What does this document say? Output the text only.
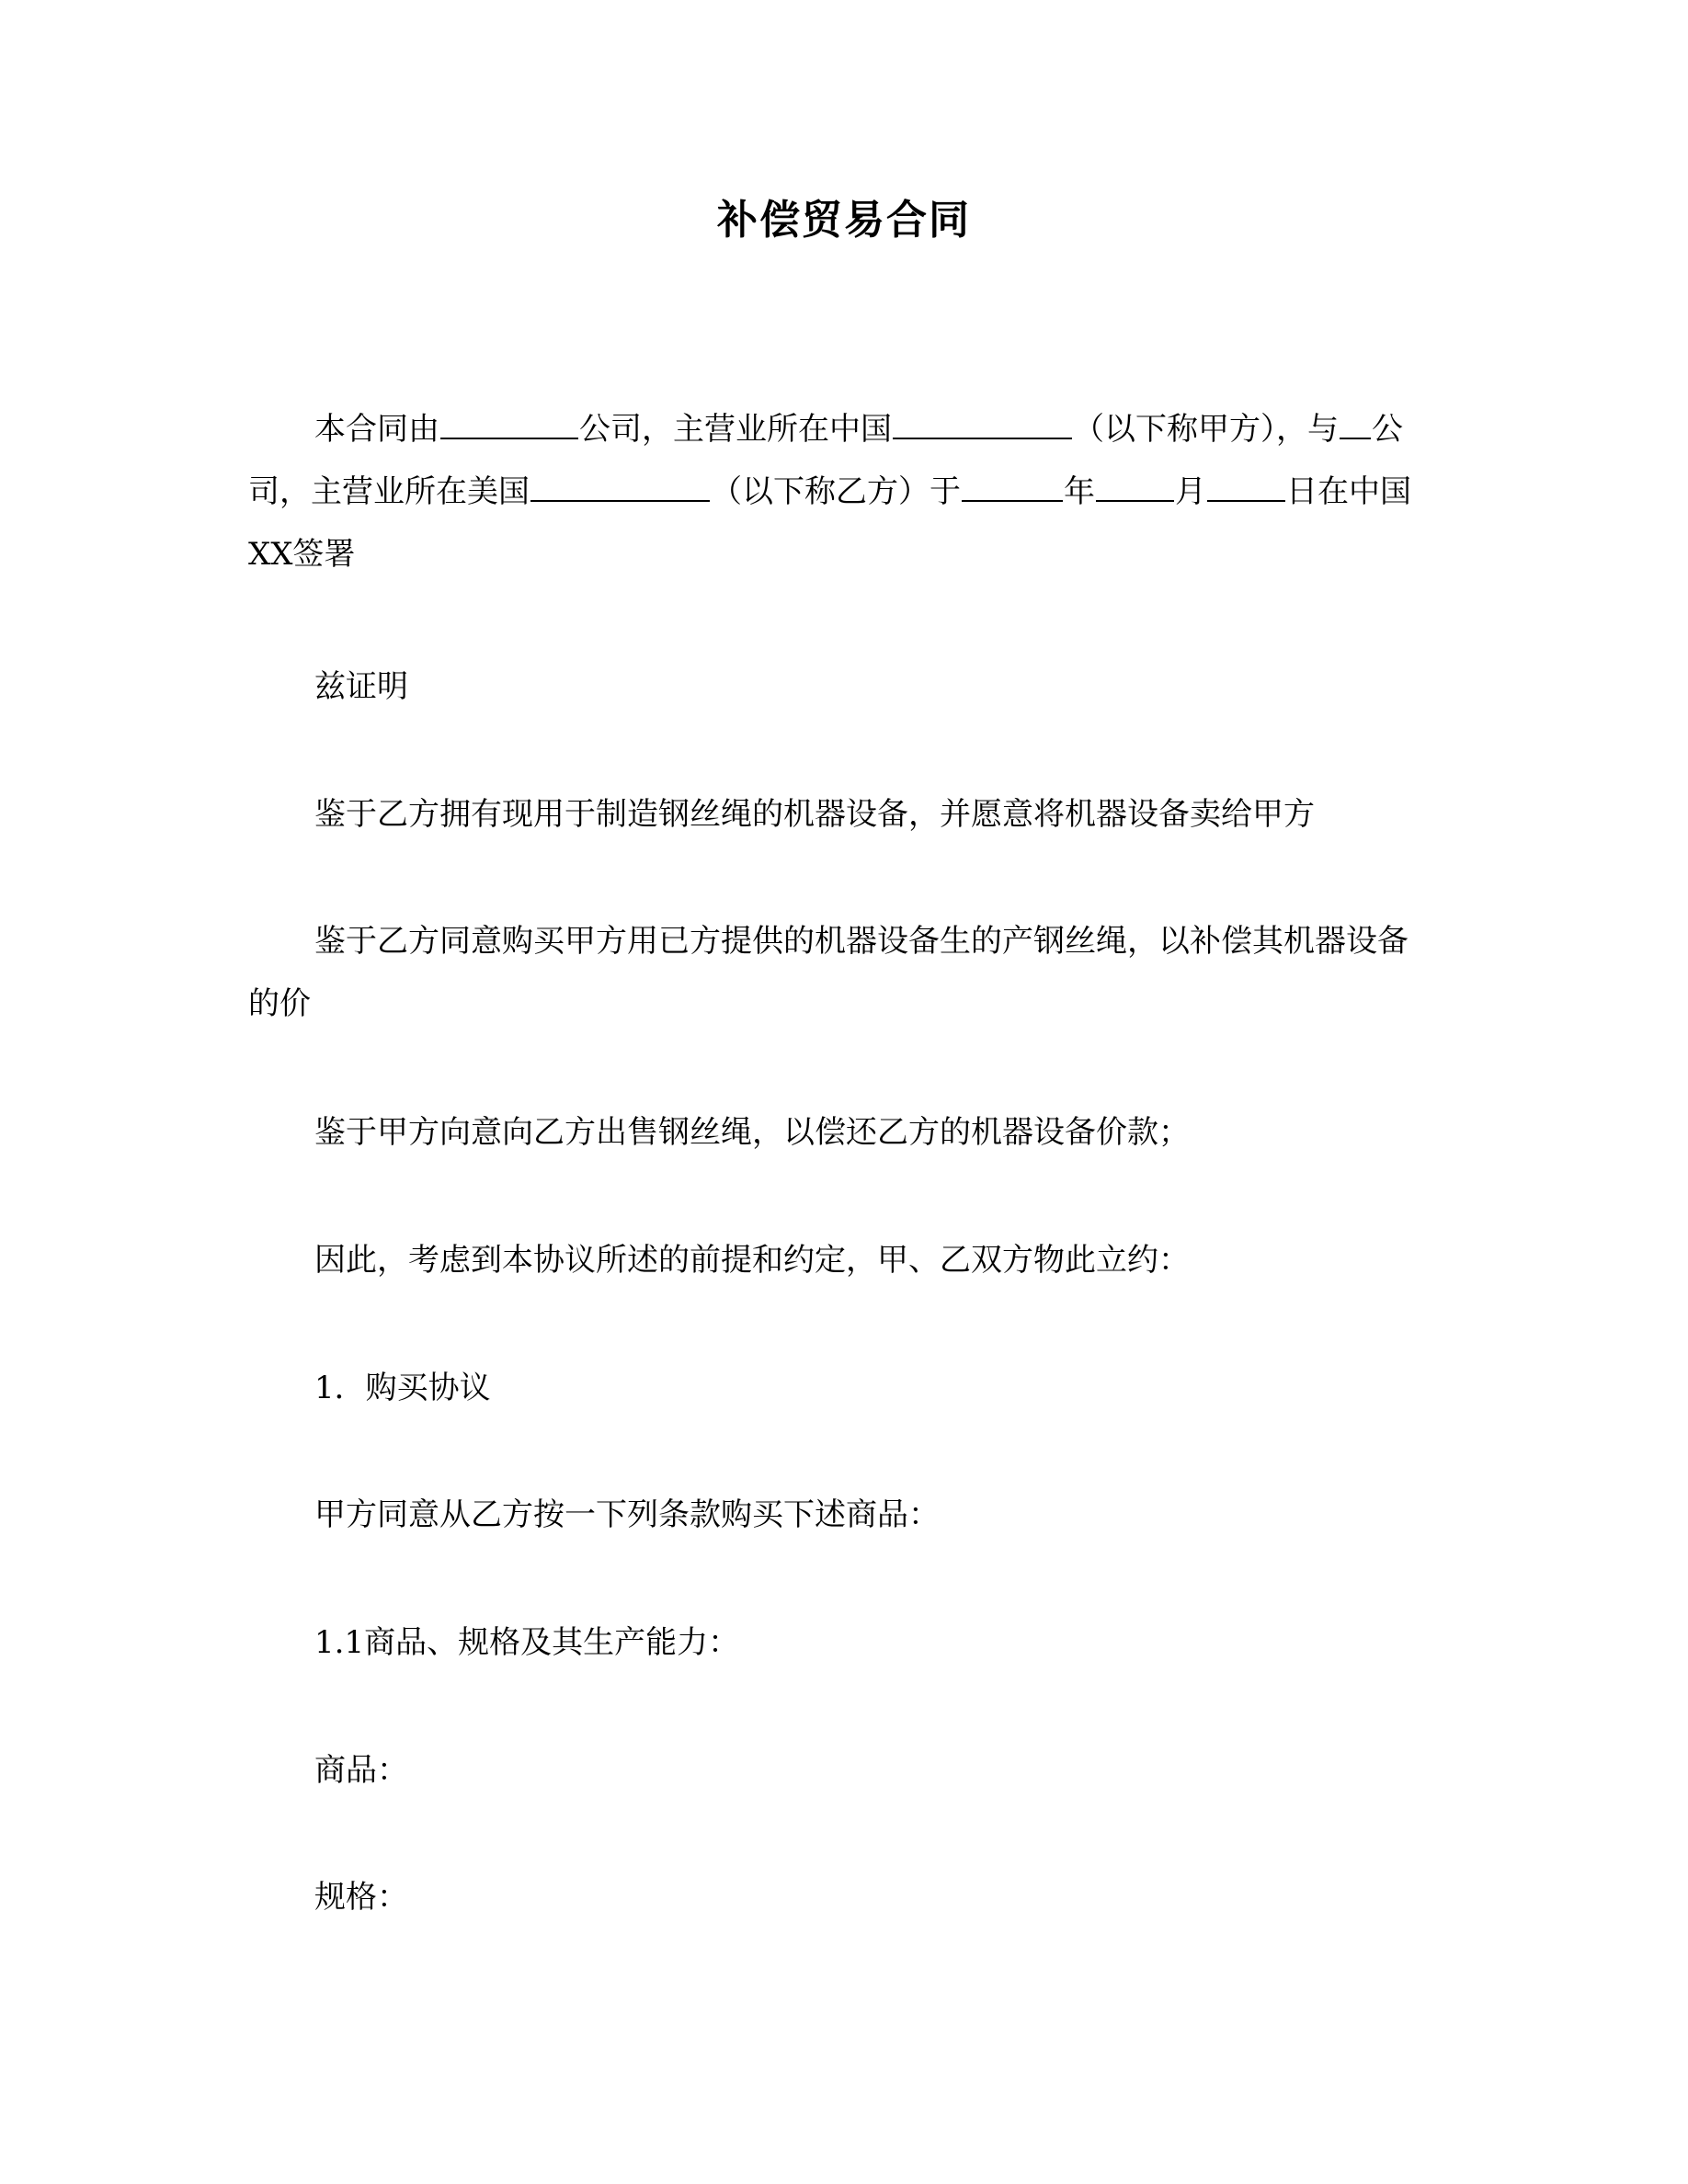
补偿贸易合同

本合同由	公司，主营业所在中国	（以下称甲方），与 公司，主营业所在美国	（以下称乙方）于	年	月	日在中国XX签署

兹证明

鉴于乙方拥有现用于制造钢丝绳的机器设备，并愿意将机器设备卖给甲方

鉴于乙方同意购买甲方用已方提供的机器设备生的产钢丝绳，以补偿其机器设备的价

鉴于甲方向意向乙方出售钢丝绳，以偿还乙方的机器设备价款；

因此，考虑到本协议所述的前提和约定，甲、乙双方物此立约：

1．购买协议

甲方同意从乙方按一下列条款购买下述商品：

1.1商品、规格及其生产能力：

商品：

规格：
